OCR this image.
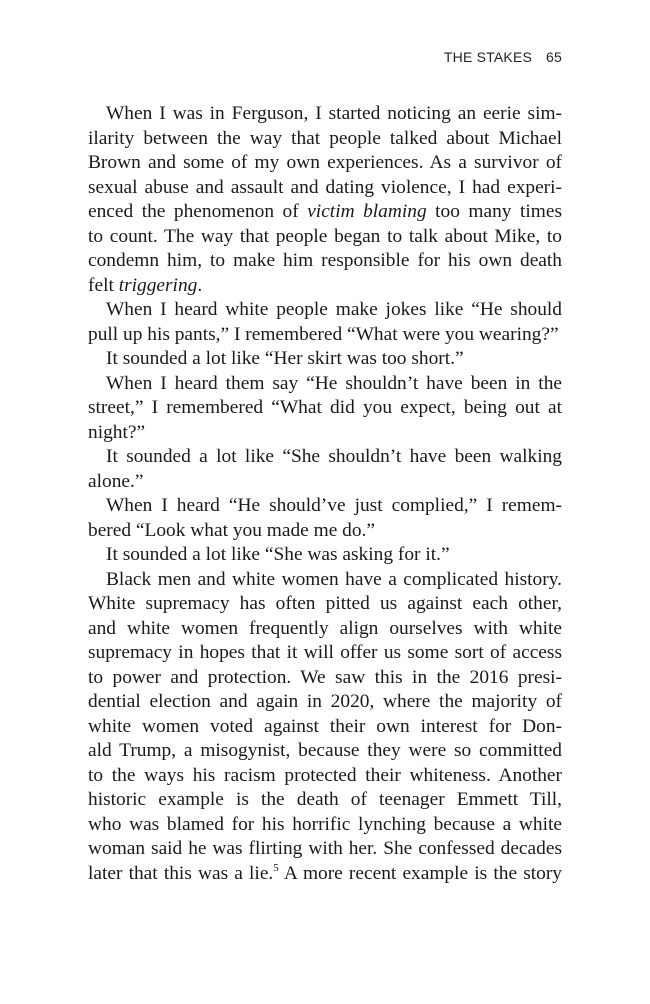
THE STAKES 65
When I was in Ferguson, I started noticing an eerie sim-
ilarity between the way that people talked about Michael
Brown and some of my own experiences. As a survivor of
sexual abuse and assault and dating violence, I had experi-
enced the phenomenon of victim blaming too many times
to count. The way that people began to talk about Mike, to
condemn him, to make him responsible for his own death
felt triggering.
When I heard white people make jokes like “He should
pull up his pants,” I remembered “What were you wearing?”
It sounded a lot like “Her skirt was too short.”
When I heard them say “He shouldn’t have been in the
street,” I remembered “What did you expect, being out at
night?”
It sounded a lot like “She shouldn’t have been walking
alone.”
When I heard “He should’ve just complied,” I remem-
bered “Look what you made me do.”
It sounded a lot like “She was asking for it.”
Black men and white women have a complicated history.
White supremacy has often pitted us against each other,
and white women frequently align ourselves with white
supremacy in hopes that it will offer us some sort of access
to power and protection. We saw this in the 2016 presi-
dential election and again in 2020, where the majority of
white women voted against their own interest for Don-
ald Trump, a misogynist, because they were so committed
to the ways his racism protected their whiteness. Another
historic example is the death of teenager Emmett Till,
who was blamed for his horrific lynching because a white
woman said he was flirting with her. She confessed decades
later that this was a lie.$^5$ A more recent example is the story
